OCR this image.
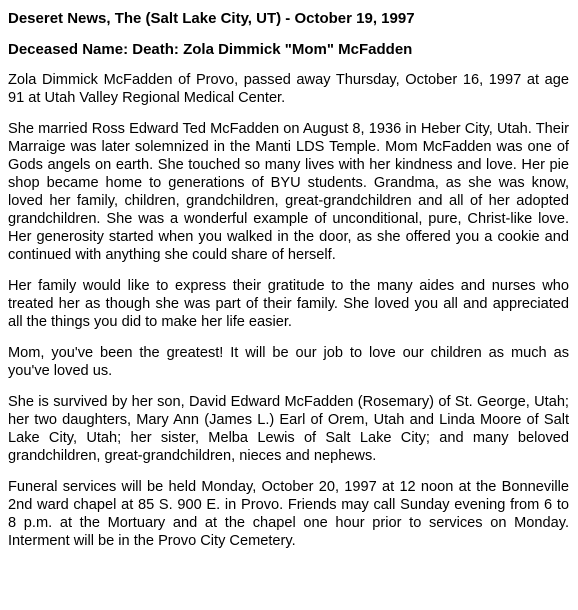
Deseret News, The (Salt Lake City, UT) - October 19, 1997

Deceased Name: Death: Zola Dimmick "Mom" McFadden

Zola Dimmick McFadden of Provo, passed away Thursday, October 16, 1997 at age 91 at Utah Valley Regional Medical Center.

She married Ross Edward Ted McFadden on August 8, 1936 in Heber City, Utah. Their Marraige was later solemnized in the Manti LDS Temple. Mom McFadden was one of Gods angels on earth. She touched so many lives with her kindness and love. Her pie shop became home to generations of BYU students. Grandma, as she was know, loved her family, children, grandchildren, great-grandchildren and all of her adopted grandchildren. She was a wonderful example of unconditional, pure, Christ-like love. Her generosity started when you walked in the door, as she offered you a cookie and continued with anything she could share of herself.

Her family would like to express their gratitude to the many aides and nurses who treated her as though she was part of their family. She loved you all and appreciated all the things you did to make her life easier.

Mom, you've been the greatest! It will be our job to love our children as much as you've loved us.

She is survived by her son, David Edward McFadden (Rosemary) of St. George, Utah; her two daughters, Mary Ann (James L.) Earl of Orem, Utah and Linda Moore of Salt Lake City, Utah; her sister, Melba Lewis of Salt Lake City; and many beloved grandchildren, great-grandchildren, nieces and nephews.

Funeral services will be held Monday, October 20, 1997 at 12 noon at the Bonneville 2nd ward chapel at 85 S. 900 E. in Provo. Friends may call Sunday evening from 6 to 8 p.m. at the Mortuary and at the chapel one hour prior to services on Monday. Interment will be in the Provo City Cemetery.
